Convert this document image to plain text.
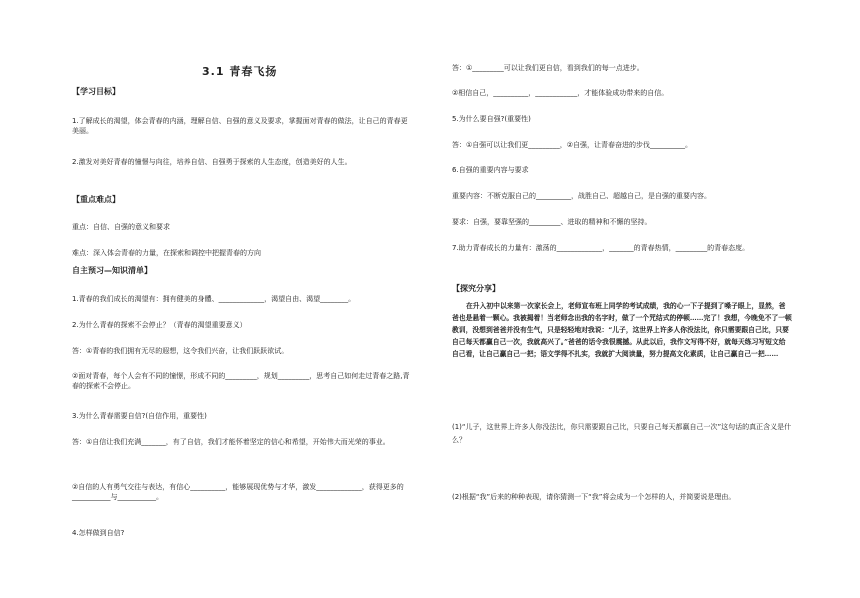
3.1 青春飞扬
【学习目标】
1.了解成长的渴望，体会青春的内涵，理解自信、自强的意义及要求，掌握面对青春的做法，让自己的青春更美丽。
2.激发对美好青春的憧憬与向往，培养自信、自强勇于探索的人生态度，创造美好的人生。
【重点难点】
重点：自信、自强的意义和要求
难点：深入体会青春的力量，在探索和调控中把握青春的方向
自主预习—知识清单】
1.青春的我们成长的渴望有：拥有健美的身體、_____________，渴望自由、渴望________。
2.为什么青春的探索不会停止？（青春的渴望重要意义）
答：①青春的我们拥有无尽的遐想，这令我们兴奋，让我们跃跃欲试。
②面对青春，每个人会有不同的憧憬，形成不同的_________，规划_________，思考自己如何走过青春之路,青春的探索不会停止。
3.为什么青春需要自信?(自信作用，重要性)
答：①自信让我们充满_______，有了自信，我们才能怀着坚定的信心和希望，开始伟大而光荣的事业。
②自信的人有勇气交往与表达，有信心__________，能够展现优势与才华，激发_____________，获得更多的___________与___________。
4.怎样做到自信?
答：①_________可以让我们更自信，看到我们的每一点进步。
②相信自己，__________，____________，才能体验成功带来的自信。
5.为什么要自强?(重要性)
答：①自强可以让我们更_________，②自强，让青春奋进的步伐__________。
6.自强的重要内容与要求
重要内容：不断克服自己的__________，战胜自己、超越自己，是自强的重要内容。
要求：自强，要靠坚强的_________、进取的精神和不懈的坚持。
7.助力青春成长的力量有：激荡的_____________，_______的青春热情，_________的青春态度。
【探究分享】
在升入初中以来第一次家长会上，老师宣布班上同学的考试成绩，我的心一下子提到了嗓子眼上，显然，爸爸也是悬着一颗心。我被揭着！当老师念出我的名字时，做了一个咒结式的停顿……完了！我想，今晚免不了一顿教训，没想到爸爸并没有生气，只是轻轻地对我说：“儿子，这世界上许多人你没法比，你只需要跟自己比，只要自己每天都赢自己一次，我就高兴了。”爸爸的话令我很震撼。从此以后，我作文写得不好，就每天练习写短文给自己看，让自己赢自己一把；语文学得不扎实，我就扩大阅读量，努力提高文化素质，让自己赢自己一把……
(1)“儿子，这世界上许多人你没法比，你只需要跟自己比，只要自己每天都赢自己一次”这句话的真正含义是什么？
(2)根据“我”后来的种种表现，请你猜测一下“我”将会成为一个怎样的人，并简要说是理由。
